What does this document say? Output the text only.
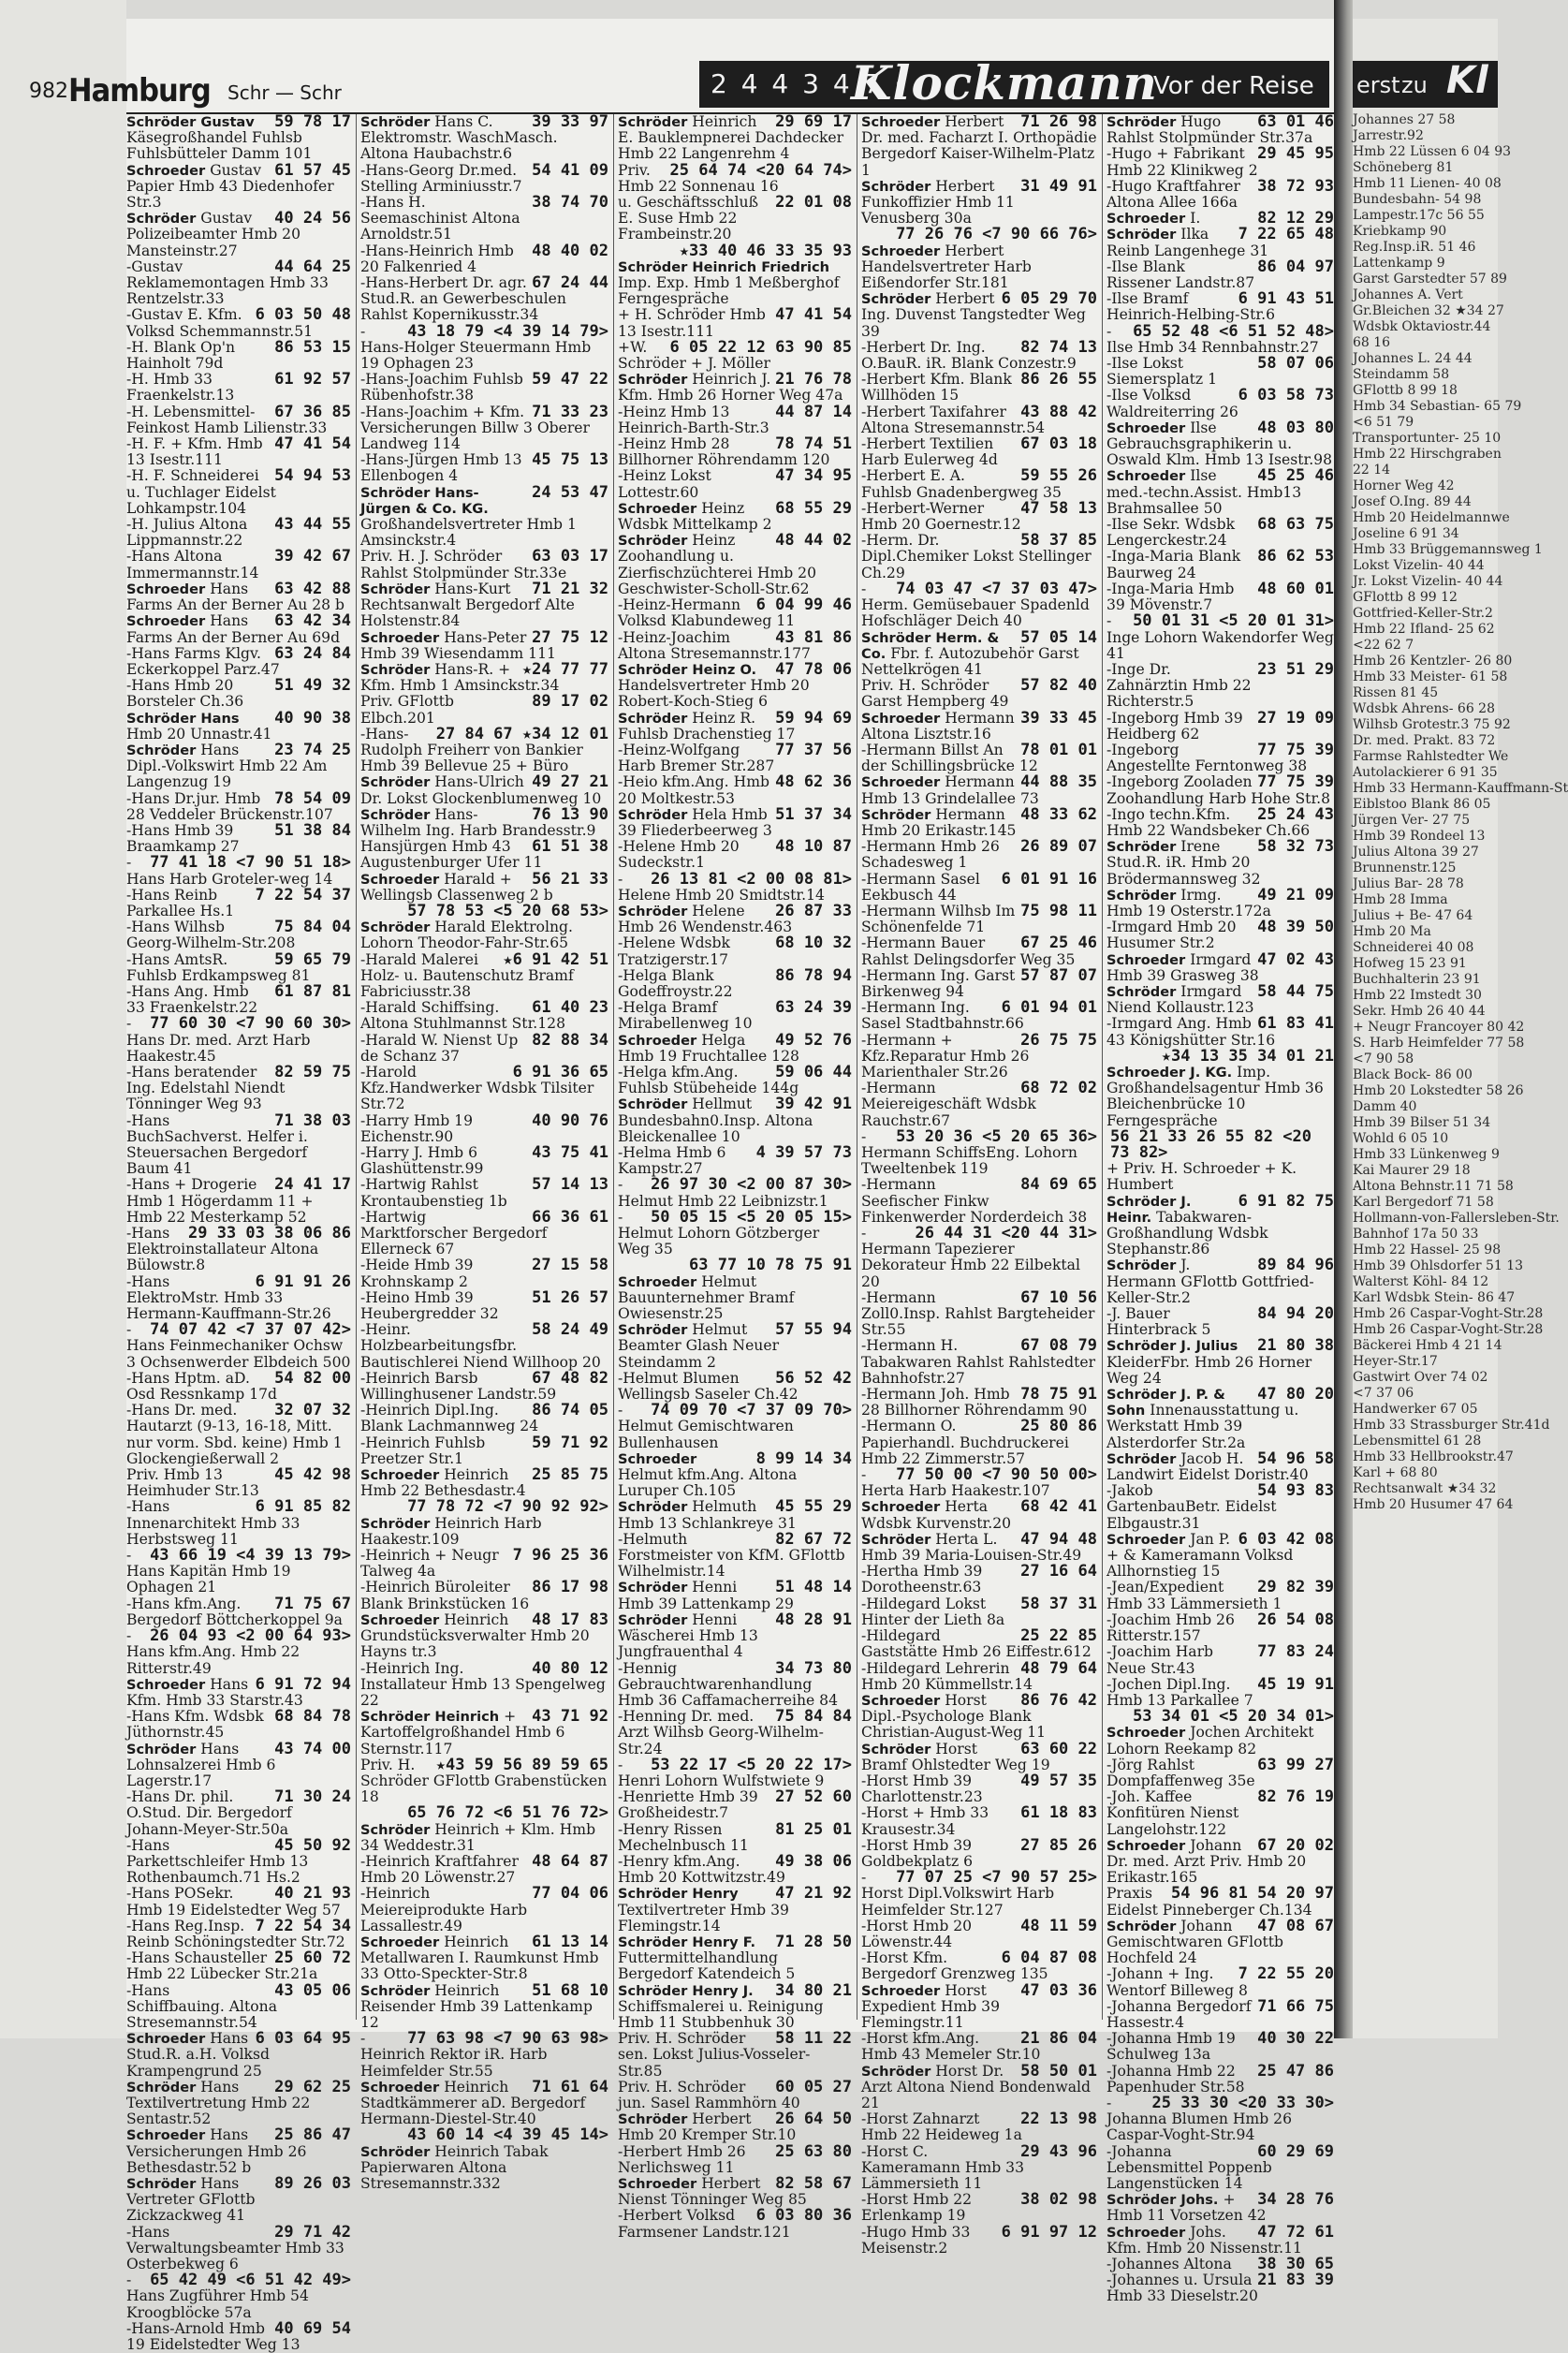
982 Hamburg Schr — Schr	2 4 4 3 4 7 ·
Klockmann
Vor der Reise
59 78 17
Schröder Gustav Käsegroßhandel Fuhlsb Fuhlsbütteler Damm 101
61 57 45
Schroeder Gustav Papier Hmb 43 Diedenhofer Str.3
40 24 56
Schröder Gustav Polizeibeamter Hmb 20 Mansteinstr.27
44 64 25
-Gustav Reklamemontagen Hmb 33 Rentzelstr.33
6 03 50 48
-Gustav E. Kfm. Volksd Schemmannstr.51
86 53 15
-H. Blank Op'n Hainholt 79d
61 92 57
-H. Hmb 33 Fraenkelstr.13
67 36 85
-H. Lebensmittel-Feinkost Hamb Lilienstr.33
47 41 54
-H. F. + Kfm. Hmb 13 Isestr.111
54 94 53
-H. F. Schneiderei u. Tuchlager Eidelst Lohkampstr.104
43 44 55
-H. Julius Altona Lippmannstr.22
39 42 67
-Hans Altona Immermannstr.14
63 42 88
Schroeder Hans Farms An der Berner Au 28 b
63 42 34
Schroeder Hans Farms An der Berner Au 69d
63 24 84
-Hans Farms Klgv. Eckerkoppel Parz.47
51 49 32
-Hans Hmb 20 Borsteler Ch.36
40 90 38
Schröder Hans Hmb 20 Unnastr.41
23 74 25
Schröder Hans Dipl.-Volkswirt Hmb 22 Am Langenzug 19
78 54 09
-Hans Dr.jur. Hmb 28 Veddeler Brückenstr.107
51 38 84
-Hans Hmb 39 Braamkamp 27
77 41 18 <7 90 51 18>
-Hans Harb Groteler-weg 14
7 22 54 37
-Hans Reinb Parkallee Hs.1
75 84 04
-Hans Wilhsb Georg-Wilhelm-Str.208
59 65 79
-Hans AmtsR. Fuhlsb Erdkampsweg 81
61 87 81
-Hans Ang. Hmb 33 Fraenkelstr.22
77 60 30 <7 90 60 30>
-Hans Dr. med. Arzt Harb Haakestr.45
82 59 75
-Hans beratender Ing. Edelstahl Niendt Tönninger Weg 93
71 38 03
-Hans BuchSachverst. Helfer i. Steuersachen Bergedorf Baum 41
24 41 17
-Hans + Drogerie Hmb 1 Högerdamm 11 + Hmb 22 Mesterkamp 52
29 33 03 38 06 86
-Hans Elektroinstallateur Altona Bülowstr.8
6 91 91 26
-Hans ElektroMstr. Hmb 33 Hermann-Kauffmann-Str.26
74 07 42 <7 37 07 42>
-Hans Feinmechaniker Ochsw 3 Ochsenwerder Elbdeich 500
54 82 00
-Hans Hptm. aD. Osd Ressnkamp 17d
32 07 32
-Hans Dr. med. Hautarzt (9-13, 16-18, Mitt. nur vorm. Sbd. keine) Hmb 1 Glockengießerwall 2
45 42 98
Priv. Hmb 13 Heimhuder Str.13
6 91 85 82
-Hans Innenarchitekt Hmb 33 Herbstsweg 11
43 66 19 <4 39 13 79>
-Hans Kapitän Hmb 19 Ophagen 21
71 75 67
-Hans kfm.Ang. Bergedorf Böttcherkoppel 9a
26 04 93 <2 00 64 93>
-Hans kfm.Ang. Hmb 22 Ritterstr.49
6 91 72 94
Schroeder Hans Kfm. Hmb 33 Starstr.43
68 84 78
-Hans Kfm. Wdsbk Jüthornstr.45
43 74 00
Schröder Hans Lohnsalzerei Hmb 6 Lagerstr.17
71 30 24
-Hans Dr. phil. O.Stud. Dir. Bergedorf Johann-Meyer-Str.50a
45 50 92
-Hans Parkettschleifer Hmb 13 Rothenbaumch.71 Hs.2
40 21 93
-Hans POSekr. Hmb 19 Eidelstedter Weg 57
7 22 54 34
-Hans Reg.Insp. Reinb Schöningstedter Str.72
25 60 72
-Hans Schausteller Hmb 22 Lübecker Str.21a
43 05 06
-Hans Schiffbauing. Altona Stresemannstr.54
6 03 64 95
Schroeder Hans Stud.R. a.H. Volksd Krampengrund 25
29 62 25
Schröder Hans Textilvertretung Hmb 22 Sentastr.52
25 86 47
Schroeder Hans Versicherungen Hmb 26 Bethesdastr.52 b
89 26 03
Schröder Hans Vertreter GFlottb Zickzackweg 41
29 71 42
-Hans Verwaltungsbeamter Hmb 33 Osterbekweg 6
65 42 49 <6 51 42 49>
-Hans Zugführer Hmb 54 Kroogblöcke 57a
40 69 54
-Hans-Arnold Hmb 19 Eidelstedter Weg 13
39 33 97
Schröder Hans C. Elektromstr. WaschMasch. Altona Haubachstr.6
54 41 09
-Hans-Georg Dr.med. Stelling Arminiusstr.7
38 74 70
-Hans H. Seemaschinist Altona Arnoldstr.51
48 40 02
-Hans-Heinrich Hmb 20 Falkenried 4
67 24 44
-Hans-Herbert Dr. agr. Stud.R. an Gewerbeschulen Rahlst Kopernikusstr.34
43 18 79 <4 39 14 79>
-Hans-Holger Steuermann Hmb 19 Ophagen 23
59 47 22
-Hans-Joachim Fuhlsb Rübenhofstr.38
71 33 23
-Hans-Joachim + Kfm. Versicherungen Billw 3 Oberer Landweg 114
45 75 13
-Hans-Jürgen Hmb 13 Ellenbogen 4
24 53 47
Schröder Hans-Jürgen & Co. KG. Großhandelsvertreter Hmb 1 Amsinckstr.4
63 03 17
Priv. H. J. Schröder Rahlst Stolpmünder Str.33e
71 21 32
Schröder Hans-Kurt Rechtsanwalt Bergedorf Alte Holstenstr.84
27 75 12
Schroeder Hans-Peter Hmb 39 Wiesendamm 111
★24 77 77
Schröder Hans-R. + Kfm. Hmb 1 Amsinckstr.34
89 17 02
Priv. GFlottb Elbch.201
27 84 67 ★34 12 01
-Hans-Rudolph Freiherr von Bankier Hmb 39 Bellevue 25 + Büro
49 27 21
Schröder Hans-Ulrich Dr. Lokst Glockenblumenweg 10
76 13 90
Schröder Hans-Wilhelm Ing. Harb Brandesstr.9
61 51 38
Hansjürgen Hmb 43 Augustenburger Ufer 11
56 21 33
Schroeder Harald + Wellingsb Classenweg 2 b
57 78 53 <5 20 68 53>
Schröder Harald Elektrolng. Lohorn Theodor-Fahr-Str.65
★6 91 42 51
-Harald Malerei Holz- u. Bautenschutz Bramf Fabriciusstr.38
61 40 23
-Harald Schiffsing. Altona Stuhlmannst Str.128
82 88 34
-Harald W. Nienst Up de Schanz 37
6 91 36 65
-Harold Kfz.Handwerker Wdsbk Tilsiter Str.72
40 90 76
-Harry Hmb 19 Eichenstr.90
43 75 41
-Harry J. Hmb 6 Glashüttenstr.99
57 14 13
-Hartwig Rahlst Krontaubenstieg 1b
66 36 61
-Hartwig Marktforscher Bergedorf Ellerneck 67
27 15 58
-Heide Hmb 39 Krohnskamp 2
51 26 57
-Heino Hmb 39 Heubergredder 32
58 24 49
-Heinr. Holzbearbeitungsfbr. Bautischlerei Niend Willhoop 20
67 48 82
-Heinrich Barsb Willinghusener Landstr.59
86 74 05
-Heinrich Dipl.Ing. Blank Lachmannweg 24
59 71 92
-Heinrich Fuhlsb Preetzer Str.1
25 85 75
Schroeder Heinrich Hmb 22 Bethesdastr.4
77 78 72 <7 90 92 92>
Schröder Heinrich Harb Haakestr.109
7 96 25 36
-Heinrich + Neugr Talweg 4a
86 17 98
-Heinrich Büroleiter Blank Brinkstücken 16
48 17 83
Schroeder Heinrich Grundstücksverwalter Hmb 20 Hayns tr.3
40 80 12
-Heinrich Ing. Installateur Hmb 13 Spengelweg 22
43 71 92
Schröder Heinrich + Kartoffelgroßhandel Hmb 6 Sternstr.117
★43 59 56 89 59 65
Priv. H. Schröder GFlottb Grabenstücken 18
65 76 72 <6 51 76 72>
Schröder Heinrich + Klm. Hmb 34 Weddestr.31
48 64 87
-Heinrich Kraftfahrer Hmb 20 Löwenstr.27
77 04 06
-Heinrich Meiereiprodukte Harb Lassallestr.49
61 13 14
Schroeder Heinrich Metallwaren I. Raumkunst Hmb 33 Otto-Speckter-Str.8
51 68 10
Schröder Heinrich Reisender Hmb 39 Lattenkamp 12
77 63 98 <7 90 63 98>
-Heinrich Rektor iR. Harb Heimfelder Str.55
71 61 64
Schroeder Heinrich Stadtkämmerer aD. Bergedorf Hermann-Diestel-Str.40
43 60 14 <4 39 45 14>
Schröder Heinrich Tabak Papierwaren Altona Stresemannstr.332
29 69 17
Schröder Heinrich E. Bauklempnerei Dachdecker Hmb 22 Langenrehm 4
25 64 74 <20 64 74>
Priv. Hmb 22 Sonnenau 16
22 01 08
u. Geschäftsschluß E. Suse Hmb 22 Frambeinstr.20
★33 40 46 33 35 93
Schröder Heinrich Friedrich Imp. Exp. Hmb 1 Meßberghof Ferngespräche
47 41 54
+ H. Schröder Hmb 13 Isestr.111
6 05 22 12 63 90 85
+W. Schröder + J. Möller
21 76 78
Schröder Heinrich J. Kfm. Hmb 26 Horner Weg 47a
44 87 14
-Heinz Hmb 13 Heinrich-Barth-Str.3
78 74 51
-Heinz Hmb 28 Billhorner Röhrendamm 120
47 34 95
-Heinz Lokst Lottestr.60
68 55 29
Schroeder Heinz Wdsbk Mittelkamp 2
48 44 02
Schröder Heinz Zoohandlung u. Zierfischzüchterei Hmb 20 Geschwister-Scholl-Str.62
6 04 99 46
-Heinz-Hermann Volksd Klabundeweg 11
43 81 86
-Heinz-Joachim Altona Stresemannstr.177
47 78 06
Schröder Heinz O. Handelsvertreter Hmb 20 Robert-Koch-Stieg 6
59 94 69
Schröder Heinz R. Fuhlsb Drachenstieg 17
77 37 56
-Heinz-Wolfgang Harb Bremer Str.287
48 62 36
-Heio kfm.Ang. Hmb 20 Moltkestr.53
51 37 34
Schröder Hela Hmb 39 Fliederbeerweg 3
48 10 87
-Helene Hmb 20 Sudeckstr.1
26 13 81 <2 00 08 81>
-Helene Hmb 20 Smidtstr.14
26 87 33
Schröder Helene Hmb 26 Wendenstr.463
68 10 32
-Helene Wdsbk Tratzigerstr.17
86 78 94
-Helga Blank Godeffroystr.22
63 24 39
-Helga Bramf Mirabellenweg 10
49 52 76
Schroeder Helga Hmb 19 Fruchtallee 128
59 06 44
-Helga kfm.Ang. Fuhlsb Stübeheide 144g
39 42 91
Schröder Hellmut Bundesbahn0.Insp. Altona Bleickenallee 10
4 39 57 73
-Helma Hmb 6 Kampstr.27
26 97 30 <2 00 87 30>
-Helmut Hmb 22 Leibnizstr.1
50 05 15 <5 20 05 15>
-Helmut Lohorn Götzberger Weg 35
63 77 10 78 75 91
Schroeder Helmut Bauunternehmer Bramf Owiesenstr.25
57 55 94
Schröder Helmut Beamter Glash Neuer Steindamm 2
56 52 42
-Helmut Blumen Wellingsb Saseler Ch.42
74 09 70 <7 37 09 70>
-Helmut Gemischtwaren Bullenhausen
8 99 14 34
Schroeder Helmut kfm.Ang. Altona Luruper Ch.105
45 55 29
Schröder Helmuth Hmb 13 Schlankreye 31
82 67 72
-Helmuth Forstmeister von KfM. GFlottb Wilhelmistr.14
51 48 14
Schröder Henni Hmb 39 Lattenkamp 29
48 28 91
Schröder Henni Wäscherei Hmb 13 Jungfrauenthal 4
34 73 80
-Hennig Gebrauchtwarenhandlung Hmb 36 Caffamacherreihe 84
75 84 84
-Henning Dr. med. Arzt Wilhsb Georg-Wilhelm-Str.24
53 22 17 <5 20 22 17>
-Henri Lohorn Wulfstwiete 9
27 52 60
-Henriette Hmb 39 Großheidestr.7
81 25 01
-Henry Rissen Mechelnbusch 11
49 38 06
-Henry kfm.Ang. Hmb 20 Kottwitzstr.49
47 21 92
Schröder Henry Textilvertreter Hmb 39 Flemingstr.14
71 28 50
Schröder Henry F. Futtermittelhandlung Bergedorf Katendeich 5
34 80 21
Schröder Henry J. Schiffsmalerei u. Reinigung Hmb 11 Stubbenhuk 30
58 11 22
Priv. H. Schröder sen. Lokst Julius-Vosseler-Str.85
60 05 27
Priv. H. Schröder jun. Sasel Rammhörn 40
26 64 50
Schröder Herbert Hmb 20 Kremper Str.10
25 63 80
-Herbert Hmb 26 Nerlichsweg 11
82 58 67
Schroeder Herbert Nienst Tönninger Weg 85
6 03 80 36
-Herbert Volksd Farmsener Landstr.121
71 26 98
Schroeder Herbert Dr. med. Facharzt I. Orthopädie Bergedorf Kaiser-Wilhelm-Platz 1
31 49 91
Schröder Herbert Funkoffizier Hmb 11 Venusberg 30a
77 26 76 <7 90 66 76>
Schroeder Herbert Handelsvertreter Harb Eißendorfer Str.181
6 05 29 70
Schröder Herbert Ing. Duvenst Tangstedter Weg 39
82 74 13
-Herbert Dr. Ing. O.BauR. iR. Blank Conzestr.9
86 26 55
-Herbert Kfm. Blank Willhöden 15
43 88 42
-Herbert Taxifahrer Altona Stresemannstr.54
67 03 18
-Herbert Textilien Harb Eulerweg 4d
59 55 26
-Herbert E. A. Fuhlsb Gnadenbergweg 35
47 58 13
-Herbert-Werner Hmb 20 Goernestr.12
58 37 85
-Herm. Dr. Dipl.Chemiker Lokst Stellinger Ch.29
74 03 47 <7 37 03 47>
-Herm. Gemüsebauer Spadenld Hofschläger Deich 40
57 05 14
Schröder Herm. & Co. Fbr. f. Autozubehör Garst Nettelkrögen 41
57 82 40
Priv. H. Schröder Garst Hempberg 49
39 33 45
Schroeder Hermann Altona Lisztstr.16
78 01 01
-Hermann Billst An der Schillingsbrücke 12
44 88 35
Schroeder Hermann Hmb 13 Grindelallee 73
48 33 62
Schröder Hermann Hmb 20 Erikastr.145
26 89 07
-Hermann Hmb 26 Schadesweg 1
6 01 91 16
-Hermann Sasel Eekbusch 44
75 98 11
-Hermann Wilhsb Im Schönenfelde 71
67 25 46
-Hermann Bauer Rahlst Delingsdorfer Weg 35
57 87 07
-Hermann Ing. Garst Birkenweg 94
6 01 94 01
-Hermann Ing. Sasel Stadtbahnstr.66
26 75 75
-Hermann + Kfz.Reparatur Hmb 26 Marienthaler Str.26
68 72 02
-Hermann Meiereigeschäft Wdsbk Rauchstr.67
53 20 36 <5 20 65 36>
-Hermann SchiffsEng. Lohorn Tweeltenbek 119
84 69 65
-Hermann Seefischer Finkw Finkenwerder Norderdeich 38
26 44 31 <20 44 31>
-Hermann Tapezierer Dekorateur Hmb 22 Eilbektal 20
67 10 56
-Hermann Zoll0.Insp. Rahlst Bargteheider Str.55
67 08 79
-Hermann H. Tabakwaren Rahlst Rahlstedter Bahnhofstr.27
78 75 91
-Hermann Joh. Hmb 28 Billhorner Röhrendamm 90
25 80 86
-Hermann O. Papierhandl. Buchdruckerei Hmb 22 Zimmerstr.57
77 50 00 <7 90 50 00>
-Herta Harb Haakestr.107
68 42 41
Schroeder Herta Wdsbk Kurvenstr.20
47 94 48
Schröder Herta L. Hmb 39 Maria-Louisen-Str.49
27 16 64
-Hertha Hmb 39 Dorotheenstr.63
58 37 31
-Hildegard Lokst Hinter der Lieth 8a
25 22 85
-Hildegard Gaststätte Hmb 26 Eiffestr.612
48 79 64
-Hildegard Lehrerin Hmb 20 Kümmellstr.14
86 76 42
Schroeder Horst Dipl.-Psychologe Blank Christian-August-Weg 11
63 60 22
Schröder Horst Bramf Ohlstedter Weg 19
49 57 35
-Horst Hmb 39 Charlottenstr.23
61 18 83
-Horst + Hmb 33 Krausestr.34
27 85 26
-Horst Hmb 39 Goldbekplatz 6
77 07 25 <7 90 57 25>
-Horst Dipl.Volkswirt Harb Heimfelder Str.127
48 11 59
-Horst Hmb 20 Löwenstr.44
6 04 87 08
-Horst Kfm. Bergedorf Grenzweg 135
47 03 36
Schroeder Horst Expedient Hmb 39 Flemingstr.11
21 86 04
-Horst kfm.Ang. Hmb 43 Memeler Str.10
58 50 01
Schröder Horst Dr. Arzt Altona Niend Bondenwald 21
22 13 98
-Horst Zahnarzt Hmb 22 Heideweg 1a
29 43 96
-Horst C. Kameramann Hmb 33 Lämmersieth 11
38 02 98
-Horst Hmb 22 Erlenkamp 19
6 91 97 12
-Hugo Hmb 33 Meisenstr.2
63 01 46
Schröder Hugo Rahlst Stolpmünder Str.37a
29 45 95
-Hugo + Fabrikant Hmb 22 Klinikweg 2
38 72 93
-Hugo Kraftfahrer Altona Allee 166a
82 12 29
Schroeder I.
7 22 65 48
Schröder Ilka Reinb Langenhege 31
86 04 97
-Ilse Blank Rissener Landstr.87
6 91 43 51
-Ilse Bramf Heinrich-Helbing-Str.6
65 52 48 <6 51 52 48>
-Ilse Hmb 34 Rennbahnstr.27
58 07 06
-Ilse Lokst Siemersplatz 1
6 03 58 73
-Ilse Volksd Waldreiterring 26
48 03 80
Schroeder Ilse Gebrauchsgraphikerin u. Oswald Klm. Hmb 13 Isestr.98
45 25 46
Schroeder Ilse med.-techn.Assist. Hmb13 Brahmsallee 50
68 63 75
-Ilse Sekr. Wdsbk Lengerckestr.24
86 62 53
-Inga-Maria Blank Baurweg 24
48 60 01
-Inga-Maria Hmb 39 Mövenstr.7
50 01 31 <5 20 01 31>
-Inge Lohorn Wakendorfer Weg 41
23 51 29
-Inge Dr. Zahnärztin Hmb 22 Richterstr.5
27 19 09
-Ingeborg Hmb 39 Heidberg 62
77 75 39
-Ingeborg Angestellte Ferntonweg 38
77 75 39
-Ingeborg Zooladen Zoohandlung Harb Hohe Str.8
25 24 43
-Ingo techn.Kfm. Hmb 22 Wandsbeker Ch.66
58 32 73
Schröder Irene Stud.R. iR. Hmb 20 Brödermannsweg 32
49 21 09
Schröder Irmg. Hmb 19 Osterstr.172a
48 39 50
-Irmgard Hmb 20 Husumer Str.2
47 02 43
Schroeder Irmgard Hmb 39 Grasweg 38
58 44 75
Schröder Irmgard Niend Kollaustr.123
61 83 41
-Irmgard Ang. Hmb 43 Königshütter Str.16
★34 13 35 34 01 21
Schroeder J. KG. Imp. Großhandelsagentur Hmb 36 Bleichenbrücke 10 Ferngespräche
56 21 33 26 55 82 <20 73 82>
+ Priv. H. Schroeder + K. Humbert
6 91 82 75
Schröder J. Heinr. Tabakwaren-Großhandlung Wdsbk Stephanstr.86
89 84 96
Schröder J. Hermann GFlottb Gottfried-Keller-Str.2
84 94 20
-J. Bauer Hinterbrack 5
21 80 38
Schröder J. Julius KleiderFbr. Hmb 26 Horner Weg 24
47 80 20
Schröder J. P. & Sohn Innenausstattung u. Werkstatt Hmb 39 Alsterdorfer Str.2a
54 96 58
Schröder Jacob H. Landwirt Eidelst Doristr.40
54 93 83
-Jakob GartenbauBetr. Eidelst Elbgaustr.31
6 03 42 08
Schroeder Jan P. + & Kameramann Volksd Allhornstieg 15
29 82 39
-Jean/Expedient Hmb 33 Lämmersieth 1
26 54 08
-Joachim Hmb 26 Ritterstr.157
77 83 24
-Joachim Harb Neue Str.43
45 19 91
-Jochen Dipl.Ing. Hmb 13 Parkallee 7
53 34 01 <5 20 34 01>
Schroeder Jochen Architekt Lohorn Reekamp 82
63 99 27
-Jörg Rahlst Dompfaffenweg 35e
82 76 19
-Joh. Kaffee Konfitüren Nienst Langelohstr.122
67 20 02
Schroeder Johann Dr. med. Arzt Priv. Hmb 20 Erikastr.165
54 96 81 54 20 97
Praxis Eidelst Pinneberger Ch.134
47 08 67
Schröder Johann Gemischtwaren GFlottb Hochfeld 24
7 22 55 20
-Johann + Ing. Wentorf Billeweg 8
71 66 75
-Johanna Bergedorf Hassestr.4
40 30 22
-Johanna Hmb 19 Schulweg 13a
25 47 86
-Johanna Hmb 22 Papenhuder Str.58
25 33 30 <20 33 30>
-Johanna Blumen Hmb 26 Caspar-Voght-Str.94
60 29 69
-Johanna Lebensmittel Poppenb Langenstücken 14
34 28 76
Schröder Johs. + Hmb 11 Vorsetzen 42
47 72 61
Schroeder Johs. Kfm. Hmb 20 Nissenstr.11
38 30 65
-Johannes Altona
21 83 39
-Johannes u. Ursula Hmb 33 Dieselstr.20
erst zu Kl
Johannes 27 58
Jarrestr.92
Hmb 22 Lüssen 6 04 93
Schöneberg 81
Hmb 11 Lienen- 40 08
Bundesbahn- 54 98
Lampestr.17c 56 55
Kriebkamp 90
Reg.Insp.iR. 51 46
Lattenkamp 9
Garst Garstedter 57 89
Johannes A. Vert
Gr.Bleichen 32 ★34 27
Wdsbk Oktaviostr.44
68 16
Johannes L. 24 44
Steindamm 58
GFlottb 8 99 18
Hmb 34 Sebastian- 65 79
<6 51 79
Transportunter- 25 10
Hmb 22 Hirschgraben
22 14
Horner Weg 42
Josef O.Ing. 89 44
Hmb 20 Heidelmannwe
Joseline 6 91 34
Hmb 33 Brüggemannsweg 1
Lokst Vizelin- 40 44
Jr. Lokst Vizelin- 40 44
GFlottb 8 99 12
Gottfried-Keller-Str.2
Hmb 22 Ifland- 25 62
<22 62 7
Hmb 26 Kentzler- 26 80
Hmb 33 Meister- 61 58
Rissen 81 45
Wdsbk Ahrens- 66 28
Wilhsb Grotestr.3 75 92
Dr. med. Prakt. 83 72
Farmse Rahlstedter We
Autolackierer 6 91 35
Hmb 33 Hermann-Kauffmann-St
Eiblstoo Blank 86 05
Jürgen Ver- 27 75
Hmb 39 Rondeel 13
Julius Altona 39 27
Brunnenstr.125
Julius Bar- 28 78
Hmb 28 Imma
Julius + Be- 47 64
Hmb 20 Ma
Schneiderei 40 08
Hofweg 15 23 91
Buchhalterin 23 91
Hmb 22 Imstedt 30
Sekr. Hmb 26 40 44
+ Neugr Francoyer 80 42
S. Harb Heimfelder 77 58
<7 90 58
Black Bock- 86 00
Hmb 20 Lokstedter 58 26
Damm 40
Hmb 39 Bilser 51 34
Wohld 6 05 10
Hmb 33 Lünkenweg 9
Kai Maurer 29 18
Altona Behnstr.11 71 58
Karl Bergedorf 71 58
Hollmann-von-Fallersleben-Str.
Bahnhof 17a 50 33
Hmb 22 Hassel- 25 98
Hmb 39 Ohlsdorfer 51 13
Walterst Köhl- 84 12
Karl Wdsbk Stein- 86 47
Hmb 26 Caspar-Voght-Str.28
Hmb 26 Caspar-Voght-Str.28
Bäckerei Hmb 4 21 14
Heyer-Str.17
Gastwirt Over 74 02
<7 37 06
Handwerker 67 05
Hmb 33 Strassburger Str.41d
Lebensmittel 61 28
Hmb 33 Hellbrookstr.47
Karl + 68 80
Rechtsanwalt ★34 32
Hmb 20 Husumer 47 64
